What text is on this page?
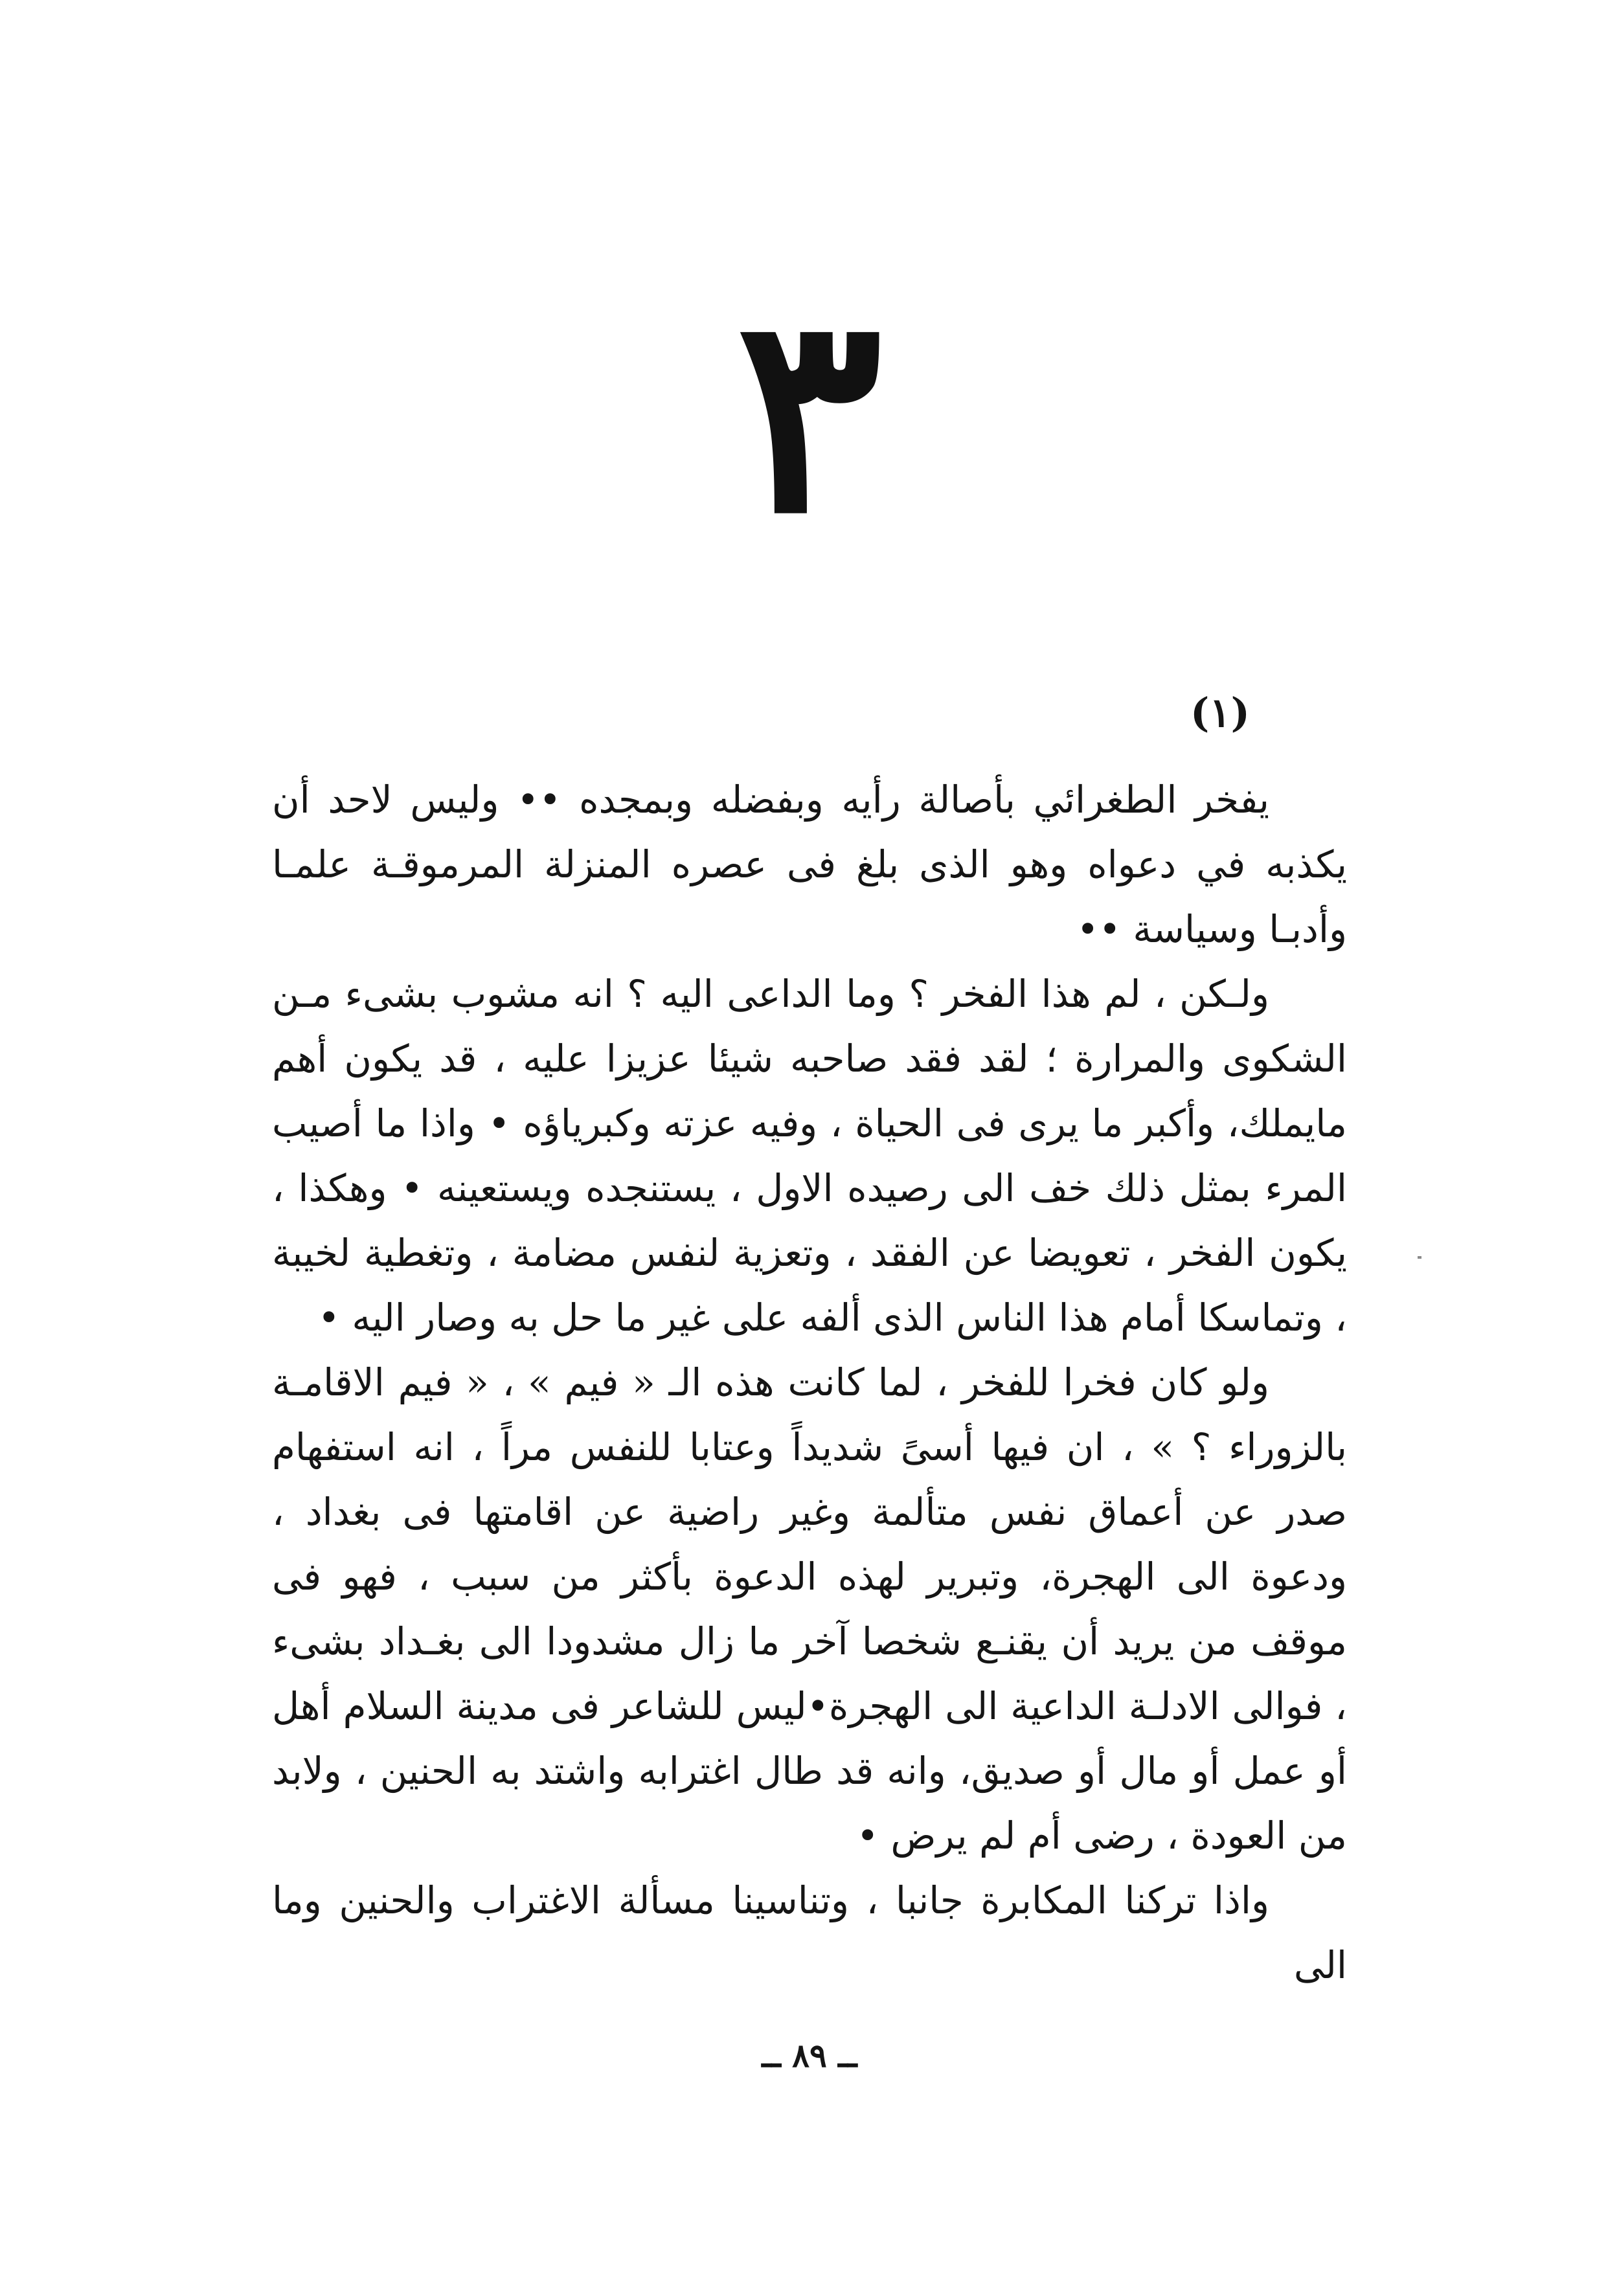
٣
(١)

يفخر الطغرائي بأصالة رأيه وبفضله وبمجده •• وليس لاحد أن يكذبه في دعواه وهو الذى بلغ فى عصره المنزلة المرموقـة علمـا وأدبـا وسياسة ••

ولـكن ، لم هذا الفخر ؟ وما الداعى اليه ؟ انه مشوب بشىء مـن الشكوى والمرارة ؛ لقد فقد صاحبه شيئا عزيزا عليه ، قد يكون أهم مايملك، وأكبر ما يرى فى الحياة ، وفيه عزته وكبرياؤه • واذا ما أصيب المرء بمثل ذلك خف الى رصيده الاول ، يستنجده ويستعينه • وهكذا ، يكون الفخر ، تعويضا عن الفقد ، وتعزية لنفس مضامة ، وتغطية لخيبة ، وتماسكا أمام هذا الناس الذى ألفه على غير ما حل به وصار اليه •

ولو كان فخرا للفخر ، لما كانت هذه الـ « فيم » ، « فيم الاقامـة بالزوراء ؟ » ، ان فيها أسىً شديداً وعتابا للنفس مراً ، انه استفهام صدر عن أعماق نفس متألمة وغير راضية عن اقامتها فى بغداد ، ودعوة الى الهجرة، وتبرير لهذه الدعوة بأكثر من سبب ، فهو فى موقف من يريد أن يقنـع شخصا آخر ما زال مشدودا الى بغـداد بشىء ، فوالى الادلـة الداعية الى الهجرة•ليس للشاعر فى مدينة السلام أهل أو عمل أو مال أو صديق، وانه قد طال اغترابه واشتد به الحنين ، ولابد من العودة ، رضى أم لم يرض •

واذا تركنا المكابرة جانبا ، وتناسينا مسألة الاغتراب والحنين وما الى

ــ ٨٩ ــ
